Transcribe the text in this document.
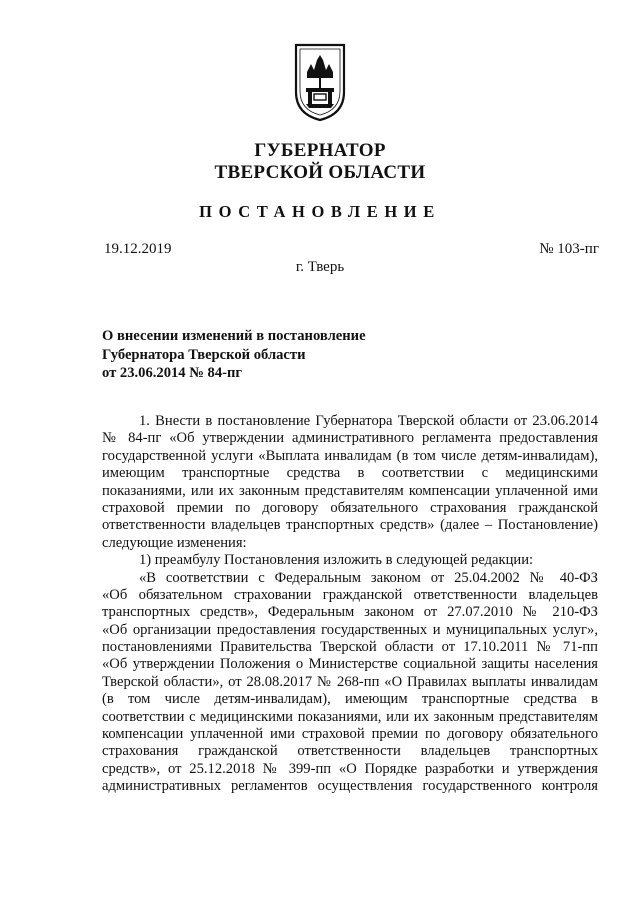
ГУБЕРНАТОР
ТВЕРСКОЙ ОБЛАСТИ
ПОСТАНОВЛЕНИЕ
19.12.2019	№ 103-пг
г. Тверь
О внесении изменений в постановление
Губернатора Тверской области
от 23.06.2014 № 84-пг
1. Внести в постановление Губернатора Тверской области от 23.06.2014
№ 84-пг «Об утверждении административного регламента предоставления
государственной услуги «Выплата инвалидам (в том числе детям-инвалидам),
имеющим транспортные средства в соответствии с медицинскими
показаниями, или их законным представителям компенсации уплаченной ими
страховой премии по договору обязательного страхования гражданской
ответственности владельцев транспортных средств» (далее – Постановление)
следующие изменения:
1) преамбулу Постановления изложить в следующей редакции:
«В соответствии с Федеральным законом от 25.04.2002 № 40-ФЗ
«Об обязательном страховании гражданской ответственности владельцев
транспортных средств», Федеральным законом от 27.07.2010 № 210-ФЗ
«Об организации предоставления государственных и муниципальных услуг»,
постановлениями Правительства Тверской области от 17.10.2011 № 71-пп
«Об утверждении Положения о Министерстве социальной защиты населения
Тверской области», от 28.08.2017 № 268-пп «О Правилах выплаты инвалидам
(в том числе детям-инвалидам), имеющим транспортные средства в
соответствии с медицинскими показаниями, или их законным представителям
компенсации уплаченной ими страховой премии по договору обязательного
страхования гражданской ответственности владельцев транспортных
средств», от 25.12.2018 № 399-пп «О Порядке разработки и утверждения
административных регламентов осуществления государственного контроля
